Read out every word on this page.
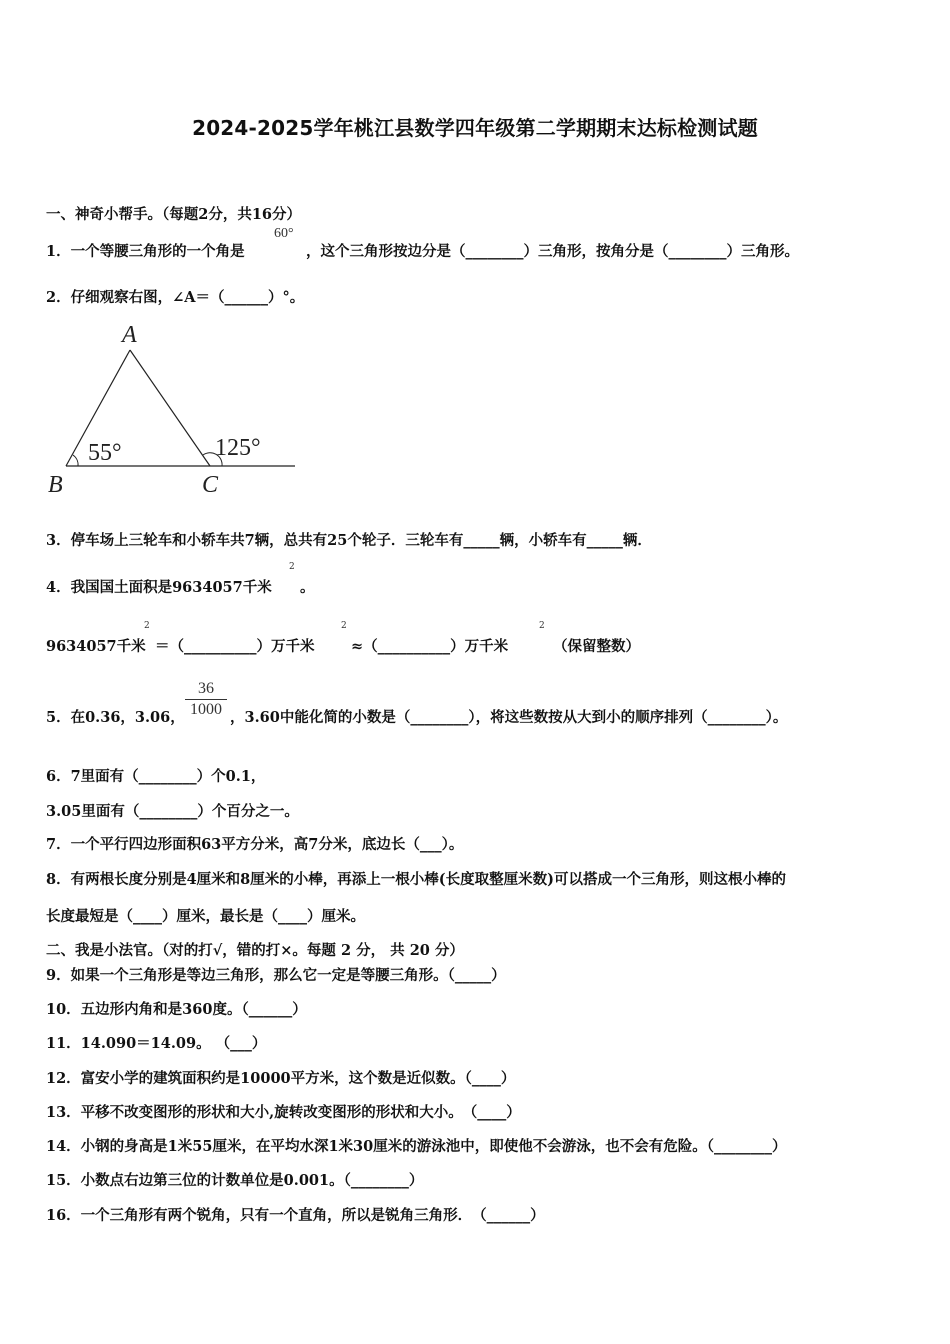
2024-2025学年桃江县数学四年级第二学期期末达标检测试题
一、神奇小帮手。（每题2分，共16分）
1．一个等腰三角形的一个角是
60°
，这个三角形按边分是（________）三角形，按角分是（________）三角形。
2．仔细观察右图，∠A＝（______）°。
A
B	C
55°	125°
3．停车场上三轮车和小轿车共7辆，总共有25个轮子．三轮车有_____辆，小轿车有_____辆．
4．我国国土面积是9634057千米
2
。
9634057千米
2
＝（__________）万千米
2
≈（__________）万千米
2
（保留整数）
5．在0.36，3.06，
36
1000 ，3.60中能化简的小数是（________），将这些数按从大到小的顺序排列（________）。
6．7里面有（________）个0.1，
3.05里面有（________）个百分之一。
7．一个平行四边形面积63平方分米，高7分米，底边长（___）。
8．有两根长度分别是4厘米和8厘米的小棒，再添上一根小棒(长度取整厘米数)可以搭成一个三角形，则这根小棒的
长度最短是（____）厘米，最长是（____）厘米。
二、我是小法官。（对的打√，错的打×。每题 2 分， 共 20 分）
9．如果一个三角形是等边三角形，那么它一定是等腰三角形。（_____）
10．五边形内角和是360度。（______）
11．14.090＝14.09。 （___）
12．富安小学的建筑面积约是10000平方米，这个数是近似数。（____）
13．平移不改变图形的形状和大小,旋转改变图形的形状和大小。　（____）
14．小钢的身高是1米55厘米，在平均水深1米30厘米的游泳池中，即使他不会游泳，也不会有危险。（________）
15．小数点右边第三位的计数单位是0.001。（________）
16．一个三角形有两个锐角，只有一个直角，所以是锐角三角形．　（______）
